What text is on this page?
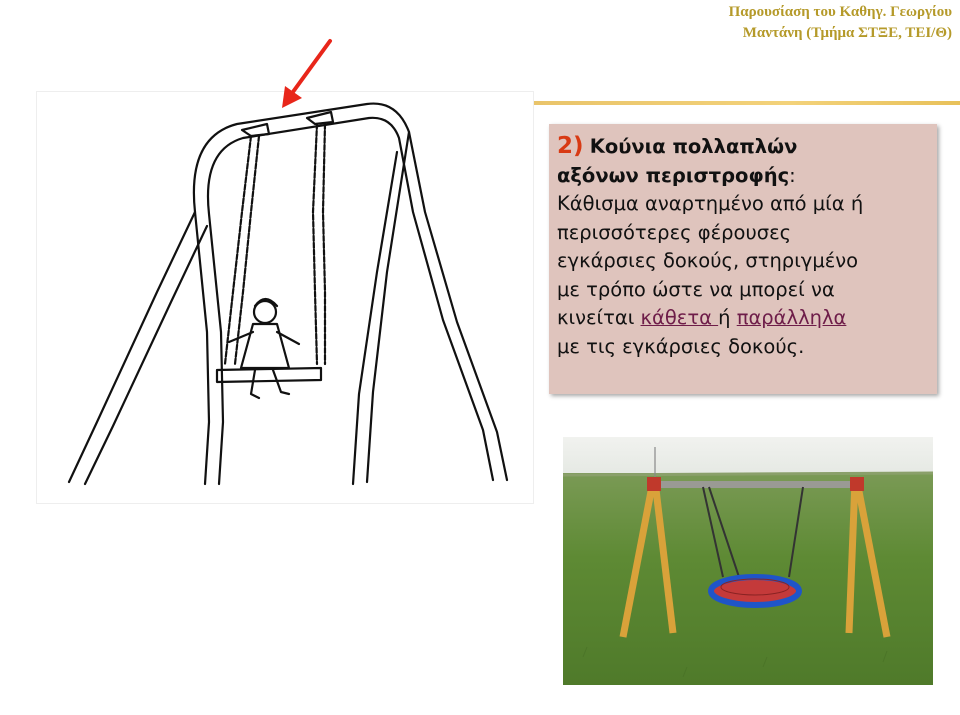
Παρουσίαση του Καθηγ. Γεωργίου
Μαντάνη (Τμήμα ΣΤΞΕ, ΤΕΙ/Θ)
2) Κούνια πολλαπλών
αξόνων περιστροφής:
Κάθισμα αναρτημένο από μία ή
περισσότερες φέρουσες
εγκάρσιες δοκούς, στηριγμένο
με τρόπο ώστε να μπορεί να
κινείται κάθετα ή παράλληλα
με τις εγκάρσιες δοκούς.
